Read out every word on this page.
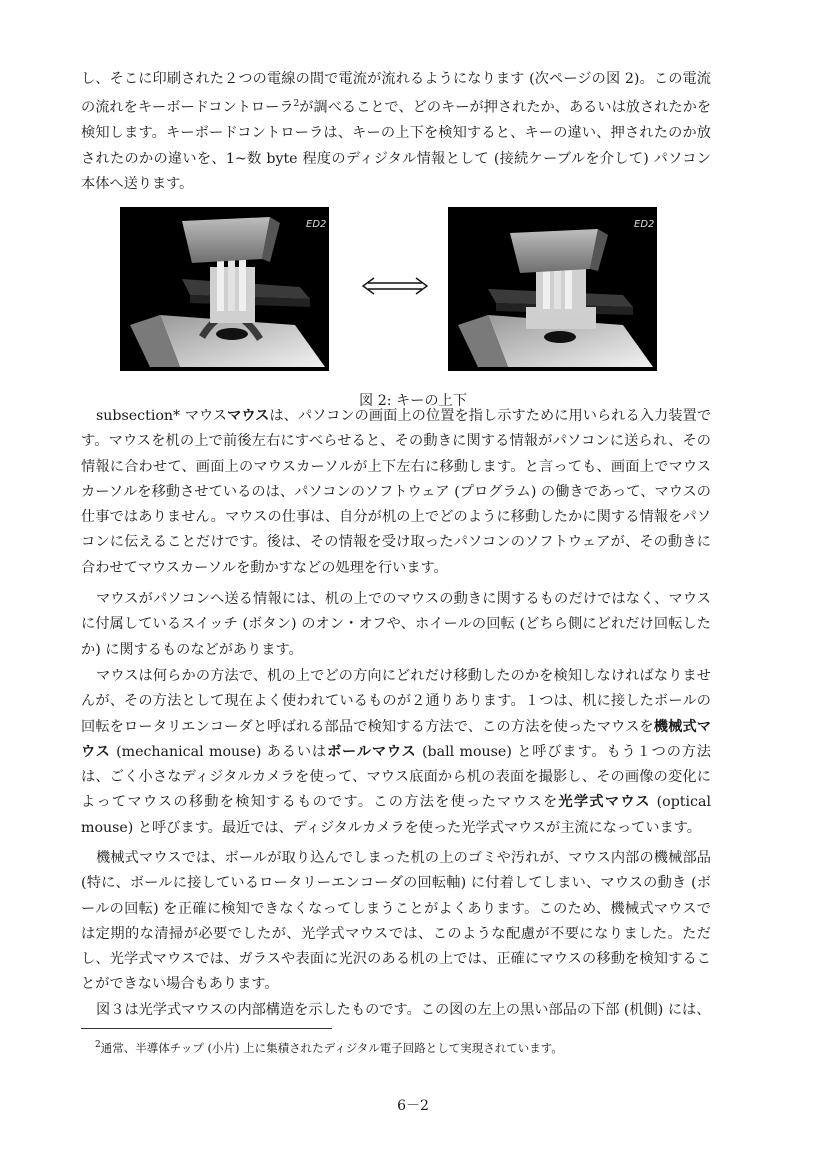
し、そこに印刷された２つの電線の間で電流が流れるようになります (次ページの図 2)。この電流の流れをキーボードコントローラ$^2$が調べることで、どのキーが押されたか、あるいは放されたかを検知します。キーボードコントローラは、キーの上下を検知すると、キーの違い、押されたのか放されたのかの違いを、1~数 byte 程度のディジタル情報として (接続ケーブルを介して) パソコン本体へ送ります。

ED2	ED2

図 2: キーの上下

subsection* マウスマウスは、パソコンの画面上の位置を指し示すために用いられる入力装置です。マウスを机の上で前後左右にすべらせると、その動きに関する情報がパソコンに送られ、その情報に合わせて、画面上のマウスカーソルが上下左右に移動します。と言っても、画面上でマウスカーソルを移動させているのは、パソコンのソフトウェア (プログラム) の働きであって、マウスの仕事ではありません。マウスの仕事は、自分が机の上でどのように移動したかに関する情報をパソコンに伝えることだけです。後は、その情報を受け取ったパソコンのソフトウェアが、その動きに合わせてマウスカーソルを動かすなどの処理を行います。

マウスがパソコンへ送る情報には、机の上でのマウスの動きに関するものだけではなく、マウスに付属しているスイッチ (ボタン) のオン・オフや、ホイールの回転 (どちら側にどれだけ回転したか) に関するものなどがあります。

マウスは何らかの方法で、机の上でどの方向にどれだけ移動したのかを検知しなければなりませんが、その方法として現在よく使われているものが２通りあります。１つは、机に接したボールの回転をロータリエンコーダと呼ばれる部品で検知する方法で、この方法を使ったマウスを機械式マウス (mechanical mouse) あるいはボールマウス (ball mouse) と呼びます。もう１つの方法は、ごく小さなディジタルカメラを使って、マウス底面から机の表面を撮影し、その画像の変化によってマウスの移動を検知するものです。この方法を使ったマウスを光学式マウス (optical mouse) と呼びます。最近では、ディジタルカメラを使った光学式マウスが主流になっています。

機械式マウスでは、ボールが取り込んでしまった机の上のゴミや汚れが、マウス内部の機械部品 (特に、ボールに接しているロータリーエンコーダの回転軸) に付着してしまい、マウスの動き (ボールの回転) を正確に検知できなくなってしまうことがよくあります。このため、機械式マウスでは定期的な清掃が必要でしたが、光学式マウスでは、このような配慮が不要になりました。ただし、光学式マウスでは、ガラスや表面に光沢のある机の上では、正確にマウスの移動を検知することができない場合もあります。

図３は光学式マウスの内部構造を示したものです。この図の左上の黒い部品の下部 (机側) には、

$^2$通常、半導体チップ (小片) 上に集積されたディジタル電子回路として実現されています。

6－2
